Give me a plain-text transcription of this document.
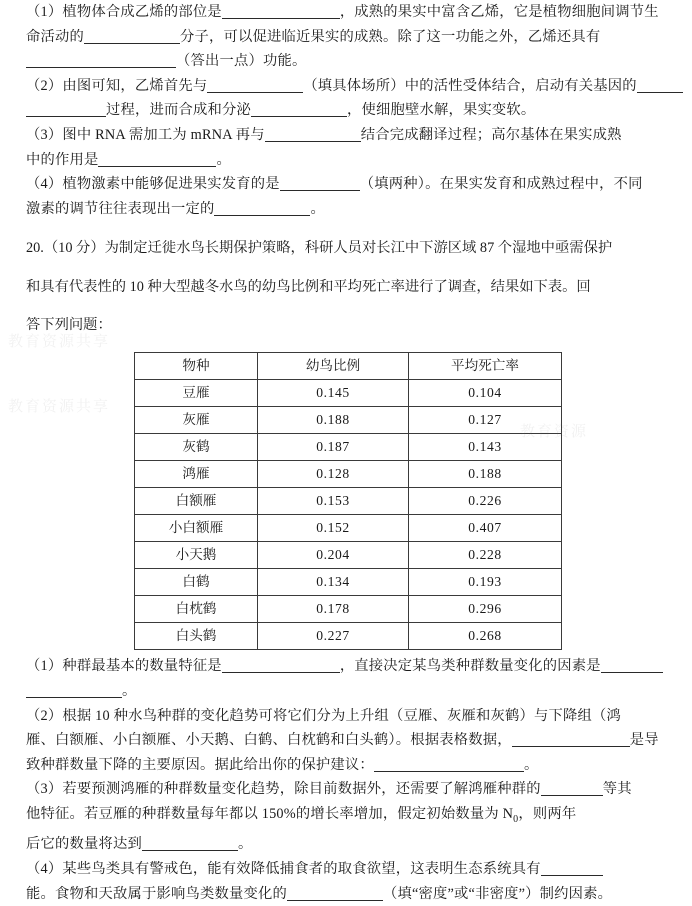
教育资源共享
教育资源共享
教育资源

（1）植物体合成乙烯的部位是	，成熟的果实中富含乙烯，它是植物细胞间调节生

命活动的	分子，可以促进临近果实的成熟。除了这一功能之外，乙烯还具有

（答出一点）功能。

（2）由图可知，乙烯首先与	（填具体场所）中的活性受体结合，启动有关基因的

过程，进而合成和分泌	，使细胞壁水解，果实变软。

（3）图中 RNA 需加工为 mRNA 再与	结合完成翻译过程；高尔基体在果实成熟

中的作用是	。

（4）植物激素中能够促进果实发育的是	（填两种）。在果实发育和成熟过程中，不同

激素的调节往往表现出一定的	。

20.（10 分）为制定迁徙水鸟长期保护策略，科研人员对长江中下游区域 87 个湿地中亟需保护

和具有代表性的 10 种大型越冬水鸟的幼鸟比例和平均死亡率进行了调查，结果如下表。回

答下列问题：

物种	幼鸟比例	平均死亡率
豆雁	0.145	0.104
灰雁	0.188	0.127
灰鹤	0.187	0.143
鸿雁	0.128	0.188
白额雁	0.153	0.226
小白额雁	0.152	0.407
小天鹅	0.204	0.228
白鹤	0.134	0.193
白枕鹤	0.178	0.296
白头鹤	0.227	0.268

（1）种群最基本的数量特征是	，直接决定某鸟类种群数量变化的因素是

。

（2）根据 10 种水鸟种群的变化趋势可将它们分为上升组（豆雁、灰雁和灰鹤）与下降组（鸿

雁、白额雁、小白额雁、小天鹅、白鹤、白枕鹤和白头鹤）。根据表格数据，	是导

致种群数量下降的主要原因。据此给出你的保护建议：	。

（3）若要预测鸿雁的种群数量变化趋势，除目前数据外，还需要了解鸿雁种群的	等其

他特征。若豆雁的种群数量每年都以 150%的增长率增加，假定初始数量为 $N_0$，则两年

后它的数量将达到	。

（4）某些鸟类具有警戒色，能有效降低捕食者的取食欲望，这表明生态系统具有

能。食物和天敌属于影响鸟类数量变化的	（填“密度”或“非密度”）制约因素。
